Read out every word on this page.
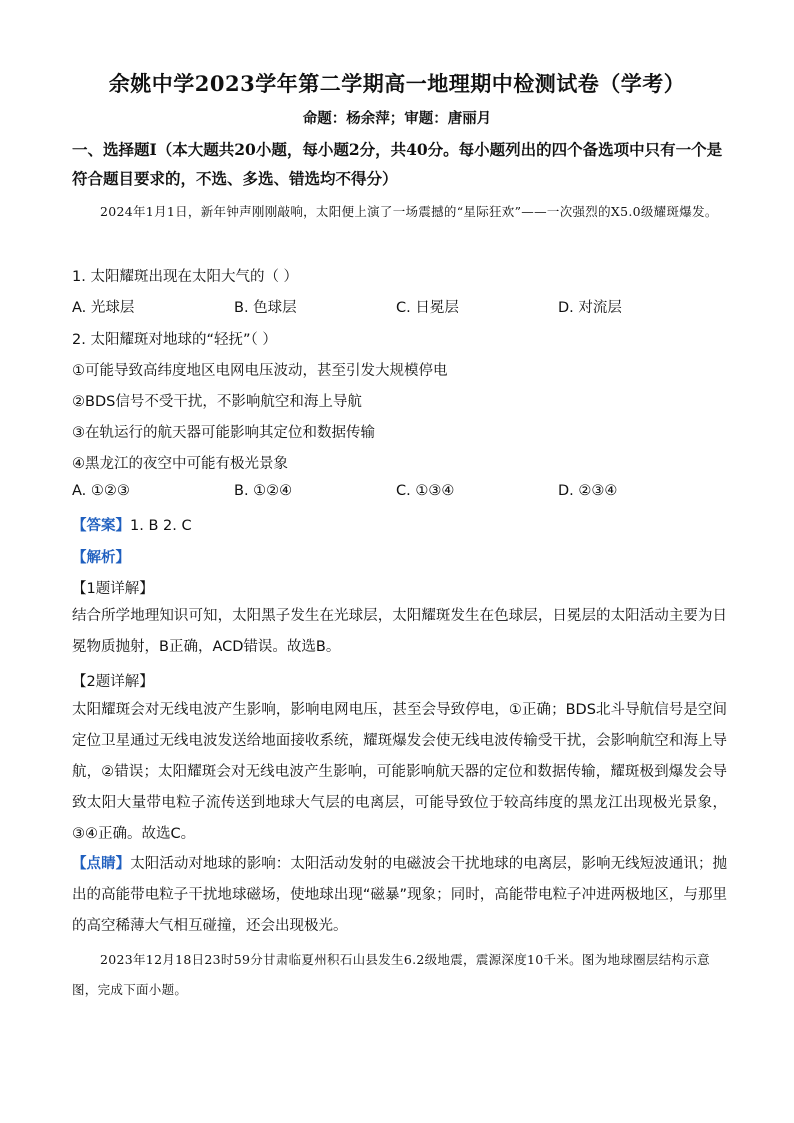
余姚中学2023学年第二学期高一地理期中检测试卷（学考）
命题：杨余萍；审题：唐丽月
一、选择题Ⅰ（本大题共20小题，每小题2分，共40分。每小题列出的四个备选项中只有一个是符合题目要求的，不选、多选、错选均不得分）
2024年1月1日，新年钟声刚刚敲响，太阳便上演了一场震撼的“星际狂欢”——一次强烈的X5.0级耀斑爆发。
1. 太阳耀斑出现在太阳大气的（ ）
A. 光球层	B. 色球层	C. 日冕层	D. 对流层
2. 太阳耀斑对地球的“轻抚”（ ）
①可能导致高纬度地区电网电压波动，甚至引发大规模停电
②BDS信号不受干扰，不影响航空和海上导航
③在轨运行的航天器可能影响其定位和数据传输
④黑龙江的夜空中可能有极光景象
A. ①②③	B. ①②④	C. ①③④	D. ②③④
【答案】1. B 2. C
【解析】
【1题详解】
结合所学地理知识可知，太阳黑子发生在光球层，太阳耀斑发生在色球层，日冕层的太阳活动主要为日冕物质抛射，B正确，ACD错误。故选B。
【2题详解】
太阳耀斑会对无线电波产生影响，影响电网电压，甚至会导致停电，①正确；BDS北斗导航信号是空间定位卫星通过无线电波发送给地面接收系统，耀斑爆发会使无线电波传输受干扰，会影响航空和海上导航，②错误；太阳耀斑会对无线电波产生影响，可能影响航天器的定位和数据传输，耀斑极到爆发会导致太阳大量带电粒子流传送到地球大气层的电离层，可能导致位于较高纬度的黑龙江出现极光景象，③④正确。故选C。
【点睛】太阳活动对地球的影响：太阳活动发射的电磁波会干扰地球的电离层，影响无线短波通讯；抛出的高能带电粒子干扰地球磁场，使地球出现“磁暴”现象；同时，高能带电粒子冲进两极地区，与那里的高空稀薄大气相互碰撞，还会出现极光。
2023年12月18日23时59分甘肃临夏州积石山县发生6.2级地震，震源深度10千米。图为地球圈层结构示意图，完成下面小题。
